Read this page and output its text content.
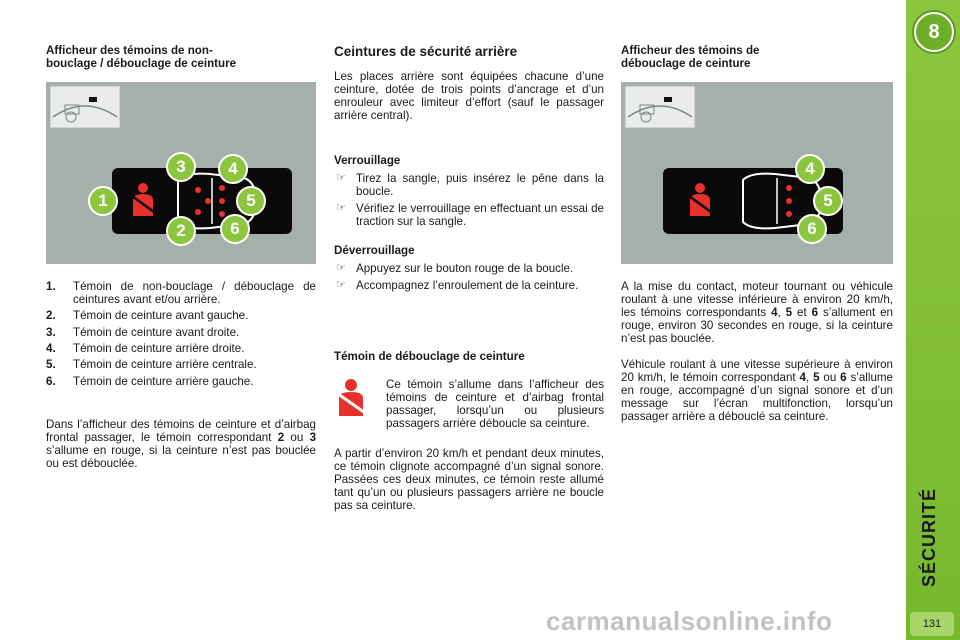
Afficheur des témoins de non-
bouclage / débouclage de ceinture
1
2
3	4
5
6
1. Témoin de non-bouclage / débouclage de ceintures avant et/ou arrière.
2. Témoin de ceinture avant gauche.
3. Témoin de ceinture avant droite.
4. Témoin de ceinture arrière droite.
5. Témoin de ceinture arrière centrale.
6. Témoin de ceinture arrière gauche.
Dans l’afficheur des témoins de ceinture et d’airbag frontal passager, le témoin correspondant 2 ou 3 s’allume en rouge, si la ceinture n’est pas bouclée ou est débouclée.
Ceintures de sécurité arrière
Les places arrière sont équipées chacune d’une ceinture, dotée de trois points d’ancrage et d’un enrouleur avec limiteur d’effort (sauf le passager arrière central).
Verrouillage
☞ Tirez la sangle, puis insérez le pêne dans la boucle.
☞ Vérifiez le verrouillage en effectuant un essai de traction sur la sangle.
Déverrouillage
☞ Appuyez sur le bouton rouge de la boucle.
☞ Accompagnez l’enroulement de la ceinture.
Témoin de débouclage de ceinture
Ce témoin s’allume dans l’afficheur des témoins de ceinture et d’airbag frontal passager, lorsqu’un ou plusieurs passagers arrière déboucle sa ceinture.
A partir d’environ 20 km/h et pendant deux minutes, ce témoin clignote accompagné d’un signal sonore. Passées ces deux minutes, ce témoin reste allumé tant qu’un ou plusieurs passagers arrière ne boucle pas sa ceinture.
Afficheur des témoins de
débouclage de ceinture
4
5
6
A la mise du contact, moteur tournant ou véhicule roulant à une vitesse inférieure à environ 20 km/h, les témoins correspondants 4, 5 et 6 s’allument en rouge, environ 30 secondes en rouge, si la ceinture n’est pas bouclée.
Véhicule roulant à une vitesse supérieure à environ 20 km/h, le témoin correspondant 4, 5 ou 6 s’allume en rouge, accompagné d’un signal sonore et d’un message sur l’écran multifonction, lorsqu’un passager arrière a débouclé sa ceinture.
8
SÉCURITÉ
131
carmanualsonline.info
